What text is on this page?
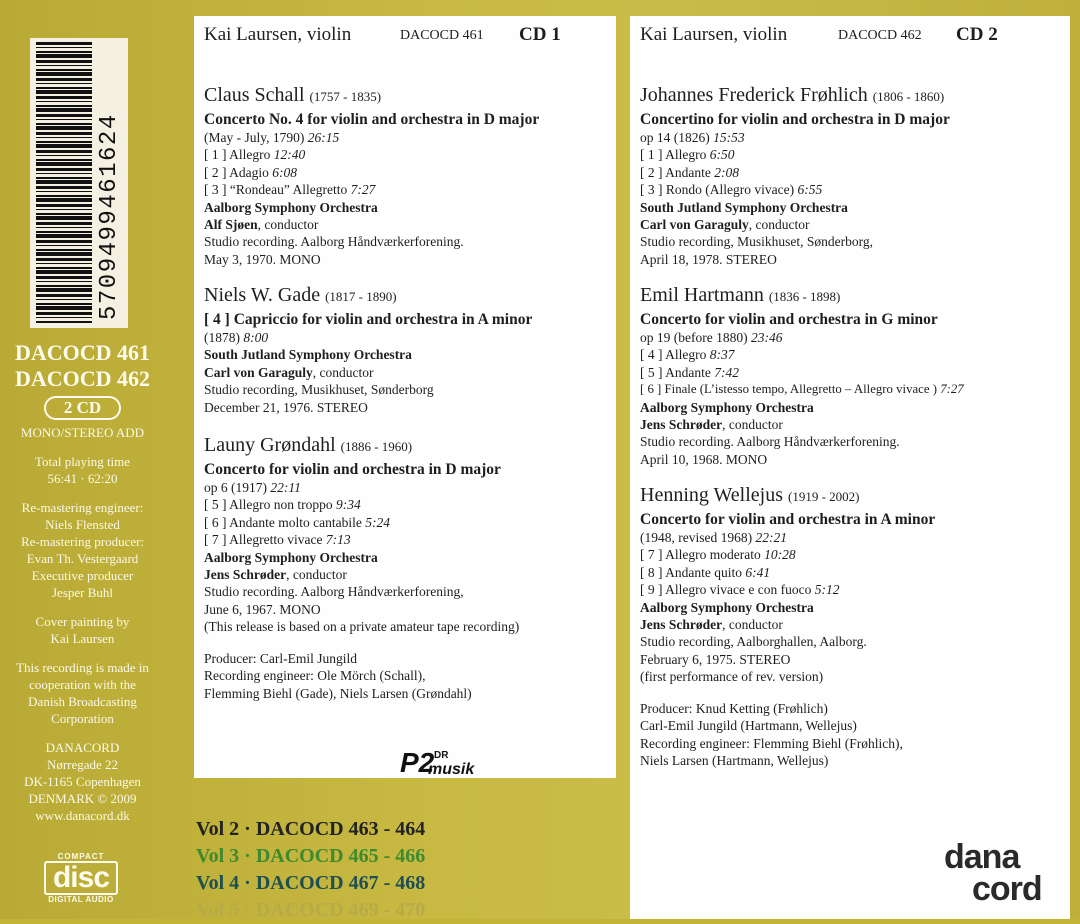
5709499461624
DACOCD 461
DACOCD 462
2 CD
MONO/STEREO ADD
Total playing time
56:41 · 62:20
Re-mastering engineer:
Niels Flensted
Re-mastering producer:
Evan Th. Vestergaard
Executive producer
Jesper Buhl
Cover painting by
Kai Laursen
This recording is made in
cooperation with the
Danish Broadcasting
Corporation
DANACORD
Nørregade 22
DK-1165 Copenhagen
DENMARK © 2009
www.danacord.dk
COMPACT
disc
DIGITAL AUDIO
Kai Laursen, violin	DACOCD 461 CD 1
Claus Schall (1757 - 1835)
Concerto No. 4 for violin and orchestra in D major
(May - July, 1790) 26:15
[ 1 ] Allegro 12:40
[ 2 ] Adagio 6:08
[ 3 ] “Rondeau” Allegretto 7:27
Aalborg Symphony Orchestra
Alf Sjøen, conductor
Studio recording. Aalborg Håndværkerforening.
May 3, 1970. MONO
Niels W. Gade (1817 - 1890)
[ 4 ] Capriccio for violin and orchestra in A minor
(1878) 8:00
South Jutland Symphony Orchestra
Carl von Garaguly, conductor
Studio recording, Musikhuset, Sønderborg
December 21, 1976. STEREO
Launy Grøndahl (1886 - 1960)
Concerto for violin and orchestra in D major
op 6 (1917) 22:11
[ 5 ] Allegro non troppo 9:34
[ 6 ] Andante molto cantabile 5:24
[ 7 ] Allegretto vivace 7:13
Aalborg Symphony Orchestra
Jens Schrøder, conductor
Studio recording. Aalborg Håndværkerforening,
June 6, 1967. MONO
(This release is based on a private amateur tape recording)
Producer: Carl-Emil Jungild
Recording engineer: Ole Mörch (Schall),
Flemming Biehl (Gade), Niels Larsen (Grøndahl)
P2 DR
musik
Kai Laursen, violin	DACOCD 462 CD 2
Johannes Frederick Frøhlich (1806 - 1860)
Concertino for violin and orchestra in D major
op 14 (1826) 15:53
[ 1 ] Allegro 6:50
[ 2 ] Andante 2:08
[ 3 ] Rondo (Allegro vivace) 6:55
South Jutland Symphony Orchestra
Carl von Garaguly, conductor
Studio recording, Musikhuset, Sønderborg,
April 18, 1978. STEREO
Emil Hartmann (1836 - 1898)
Concerto for violin and orchestra in G minor
op 19 (before 1880) 23:46
[ 4 ] Allegro 8:37
[ 5 ] Andante 7:42
[ 6 ] Finale (L’istesso tempo, Allegretto – Allegro vivace ) 7:27
Aalborg Symphony Orchestra
Jens Schrøder, conductor
Studio recording. Aalborg Håndværkerforening.
April 10, 1968. MONO
Henning Wellejus (1919 - 2002)
Concerto for violin and orchestra in A minor
(1948, revised 1968) 22:21
[ 7 ] Allegro moderato 10:28
[ 8 ] Andante quito 6:41
[ 9 ] Allegro vivace e con fuoco 5:12
Aalborg Symphony Orchestra
Jens Schrøder, conductor
Studio recording, Aalborghallen, Aalborg.
February 6, 1975. STEREO
(first performance of rev. version)
Producer: Knud Ketting (Frøhlich)
Carl-Emil Jungild (Hartmann, Wellejus)
Recording engineer: Flemming Biehl (Frøhlich),
Niels Larsen (Hartmann, Wellejus)
Vol 2 · DACOCD 463 - 464
Vol 3 · DACOCD 465 - 466
Vol 4 · DACOCD 467 - 468
Vol 5 · DACOCD 469 - 470
dana
cord
